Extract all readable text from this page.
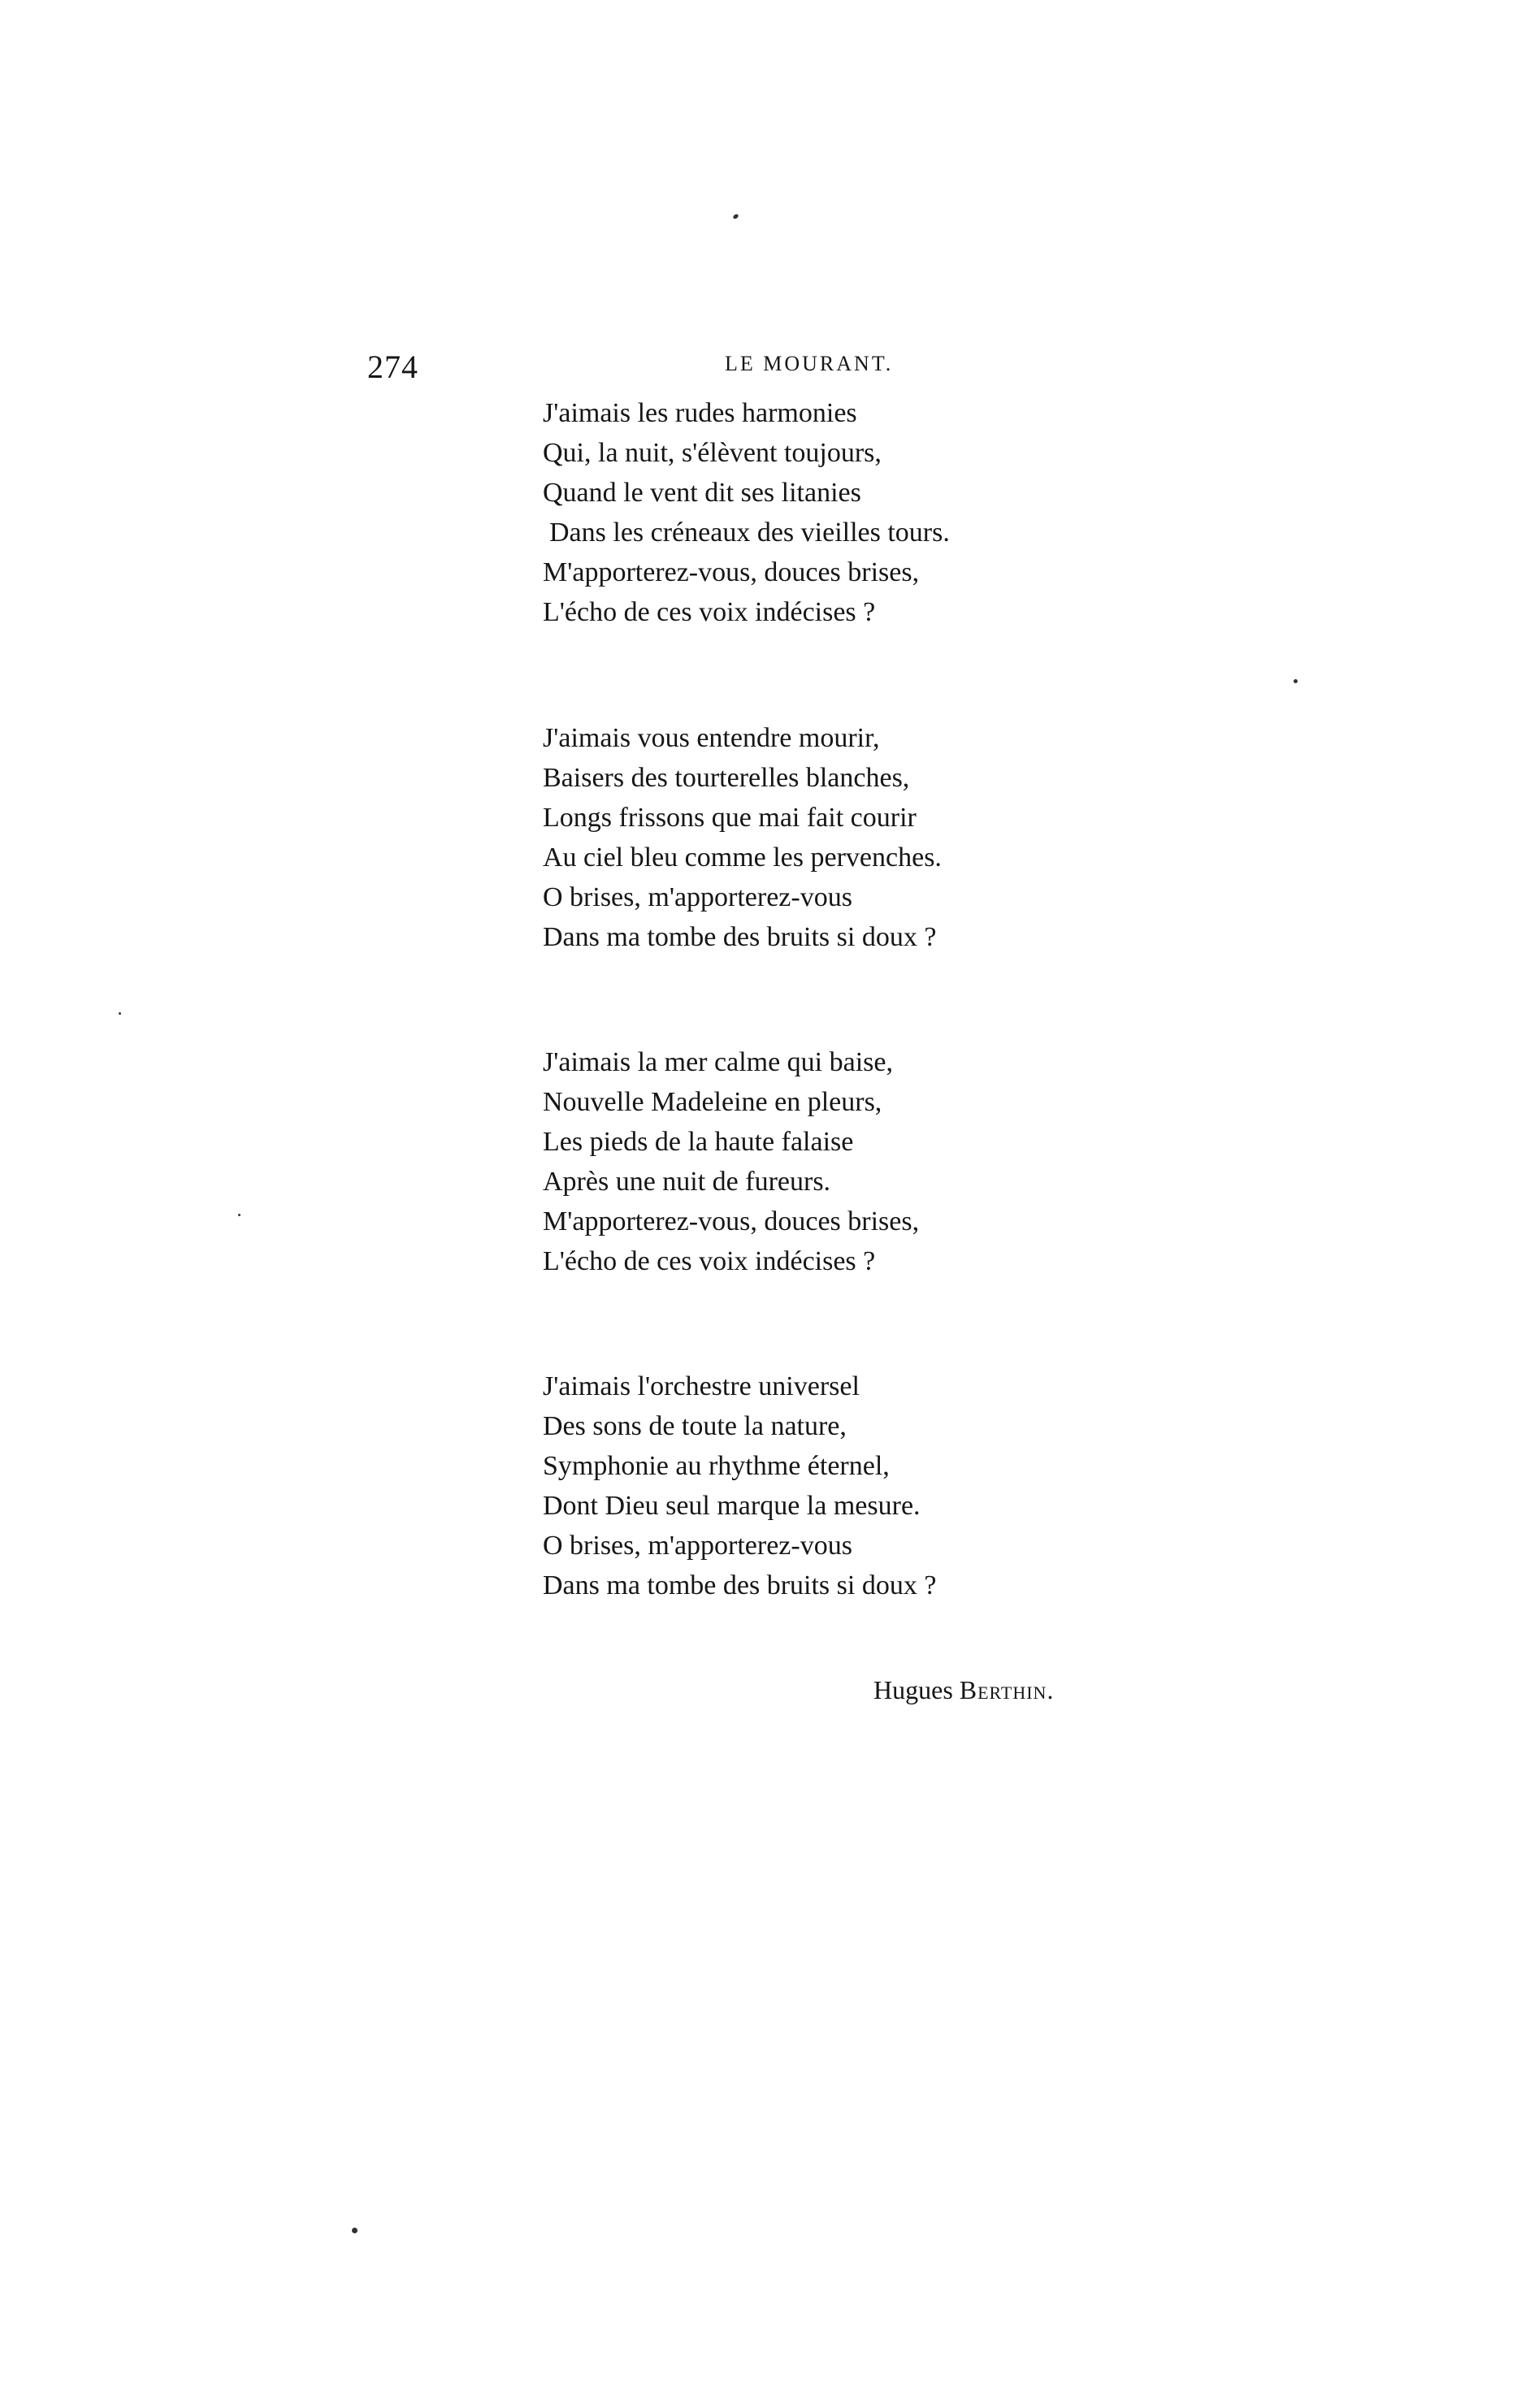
274	LE MOURANT.
J'aimais les rudes harmonies
Qui, la nuit, s'élèvent toujours,
Quand le vent dit ses litanies
Dans les créneaux des vieilles tours.
M'apporterez-vous, douces brises,
L'écho de ces voix indécises ?
J'aimais vous entendre mourir,
Baisers des tourterelles blanches,
Longs frissons que mai fait courir
Au ciel bleu comme les pervenches.
O brises, m'apporterez-vous
Dans ma tombe des bruits si doux ?
J'aimais la mer calme qui baise,
Nouvelle Madeleine en pleurs,
Les pieds de la haute falaise
Après une nuit de fureurs.
M'apporterez-vous, douces brises,
L'écho de ces voix indécises ?
J'aimais l'orchestre universel
Des sons de toute la nature,
Symphonie au rhythme éternel,
Dont Dieu seul marque la mesure.
O brises, m'apporterez-vous
Dans ma tombe des bruits si doux ?
Hugues Berthin.
